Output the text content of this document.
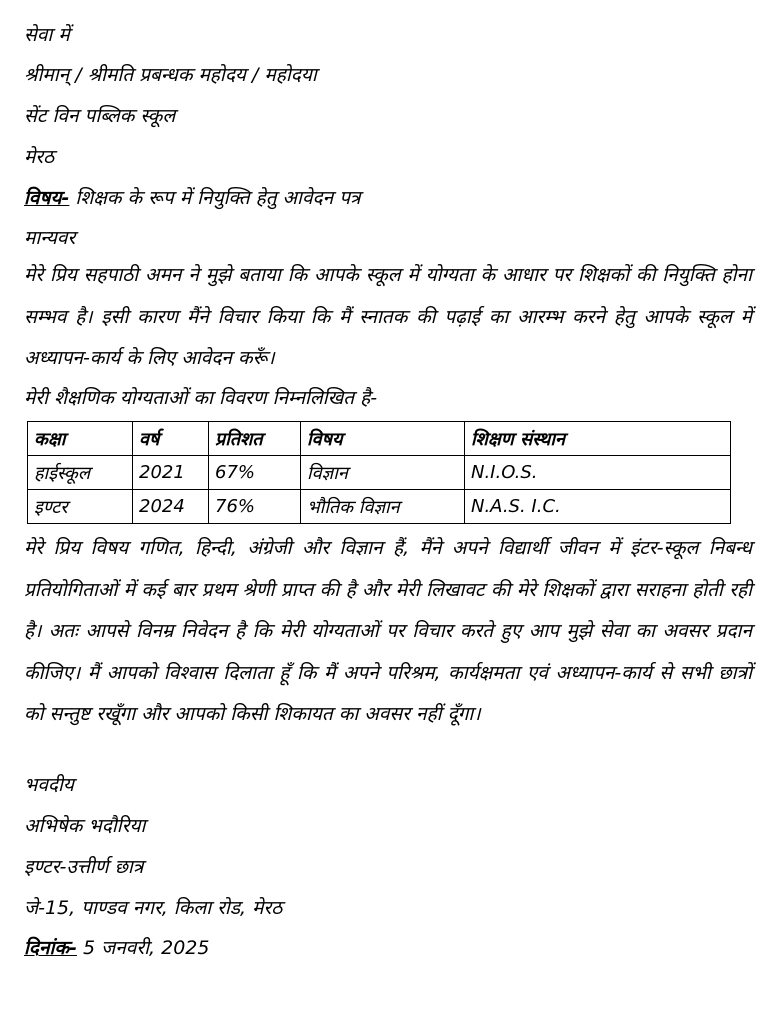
सेवा में
श्रीमान् / श्रीमति प्रबन्धक महोदय / महोदया
सेंट विन पब्लिक स्कूल
मेरठ
विषय- शिक्षक के रूप में नियुक्ति हेतु आवेदन पत्र
मान्यवर
मेरे प्रिय सहपाठी अमन ने मुझे बताया कि आपके स्कूल में योग्यता के आधार पर शिक्षकों की नियुक्ति होना सम्भव है। इसी कारण मैंने विचार किया कि मैं स्नातक की पढ़ाई का आरम्भ करने हेतु आपके स्कूल में अध्यापन-कार्य के लिए आवेदन करूँ।
मेरी शैक्षणिक योग्यताओं का विवरण निम्नलिखित है-
कक्षा	वर्ष	प्रतिशत	विषय	शिक्षण संस्थान
हाईस्कूल	2021	67%	विज्ञान	N.I.O.S.
इण्टर	2024	76%	भौतिक विज्ञान	N.A.S. I.C.
मेरे प्रिय विषय गणित, हिन्दी, अंग्रेजी और विज्ञान हैं, मैंने अपने विद्यार्थी जीवन में इंटर-स्कूल निबन्ध प्रतियोगिताओं में कई बार प्रथम श्रेणी प्राप्त की है और मेरी लिखावट की मेरे शिक्षकों द्वारा सराहना होती रही है। अतः आपसे विनम्र निवेदन है कि मेरी योग्यताओं पर विचार करते हुए आप मुझे सेवा का अवसर प्रदान कीजिए। मैं आपको विश्वास दिलाता हूँ कि मैं अपने परिश्रम, कार्यक्षमता एवं अध्यापन-कार्य से सभी छात्रों को सन्तुष्ट रखूँगा और आपको किसी शिकायत का अवसर नहीं दूँगा।
भवदीय
अभिषेक भदौरिया
इण्टर-उत्तीर्ण छात्र
जे-15, पाण्डव नगर, किला रोड, मेरठ
दिनांक- 5 जनवरी, 2025
